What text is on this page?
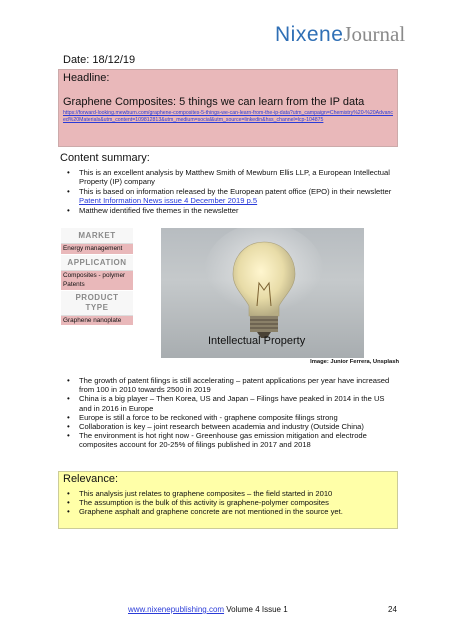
NixeneJournal
Date: 18/12/19
Headline:
Graphene Composites: 5 things we can learn from the IP data
https://forward-looking.mewburn.com/graphene-composites-5-things-we-can-learn-from-the-ip-data?utm_campaign=Chemistry%20-%20Advanced%20Materials&utm_content=109812813&utm_medium=social&utm_source=linkedin&hss_channel=lcp-104875
Content summary:
• This is an excellent analysis by Matthew Smith of Mewburn Ellis LLP, a European Intellectual Property (IP) company
• This is based on information released by the European patent office (EPO) in their newsletter Patent Information News issue 4 December 2019 p.5
• Matthew identified five themes in the newsletter
MARKET
Energy management
APPLICATION
Composites - polymer
Patents
PRODUCT TYPE
Graphene nanoplate
Intellectual Property
Image: Junior Ferrera, Unsplash
• The growth of patent filings is still accelerating – patent applications per year have increased from 100 in 2010 towards 2500 in 2019
• China is a big player – Then Korea, US and Japan – Filings have peaked in 2014 in the US and in 2016 in Europe
• Europe is still a force to be reckoned with - graphene composite filings strong
• Collaboration is key – joint research between academia and industry (Outside China)
• The environment is hot right now - Greenhouse gas emission mitigation and electrode composites account for 20-25% of filings published in 2017 and 2018
Relevance:
• This analysis just relates to graphene composites – the field started in 2010
• The assumption is the bulk of this activity is graphene-polymer composites
• Graphene asphalt and graphene concrete are not mentioned in the source yet.
www.nixenepublishing.com Volume 4 Issue 1	24
